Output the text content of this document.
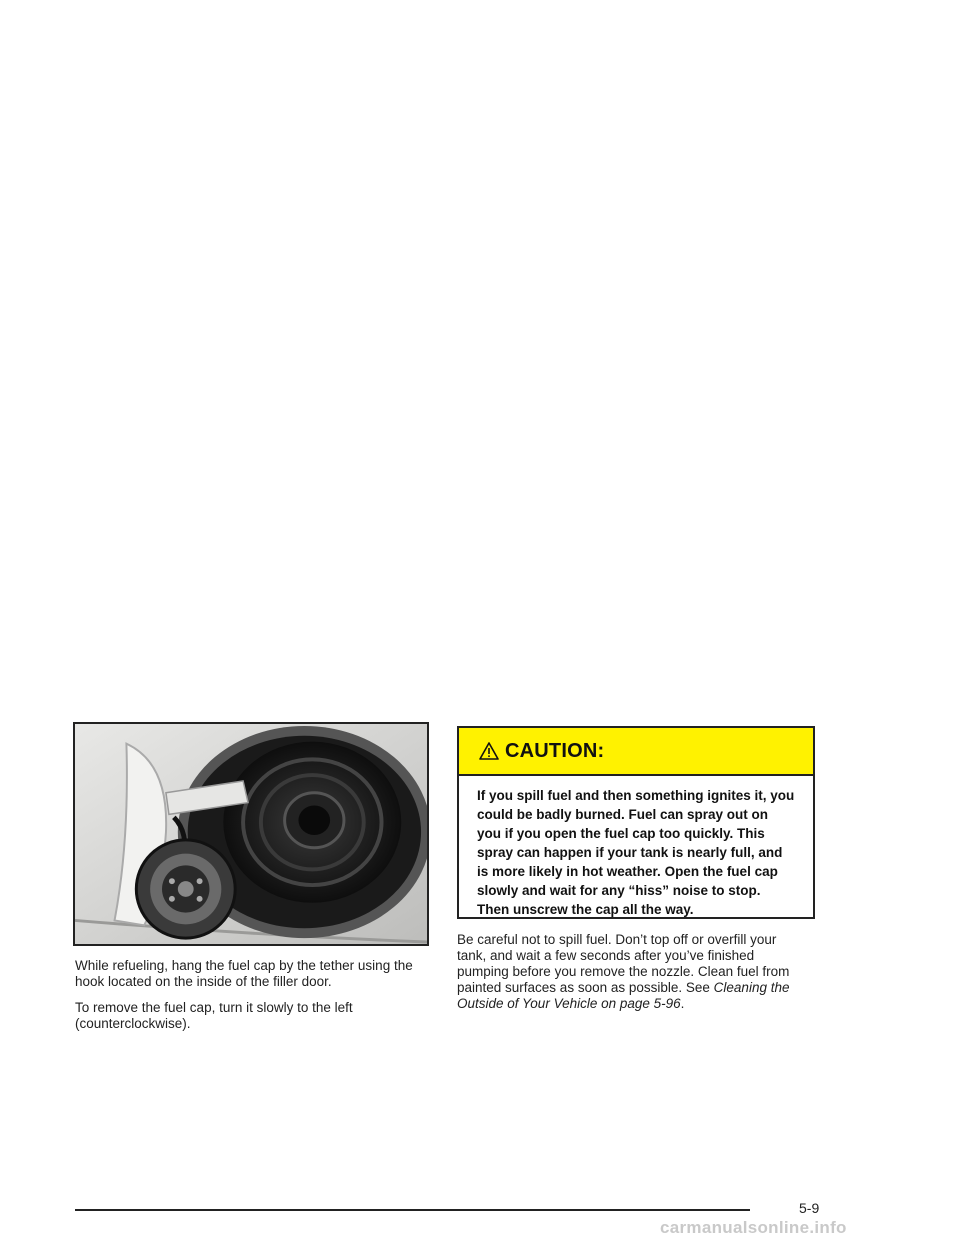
While refueling, hang the fuel cap by the tether using the hook located on the inside of the filler door.

To remove the fuel cap, turn it slowly to the left (counterclockwise).

CAUTION:
If you spill fuel and then something ignites it, you could be badly burned. Fuel can spray out on you if you open the fuel cap too quickly. This spray can happen if your tank is nearly full, and is more likely in hot weather. Open the fuel cap slowly and wait for any “hiss” noise to stop. Then unscrew the cap all the way.

Be careful not to spill fuel. Don’t top off or overfill your tank, and wait a few seconds after you’ve finished pumping before you remove the nozzle. Clean fuel from painted surfaces as soon as possible. See Cleaning the Outside of Your Vehicle on page 5-96.

5-9
carmanualsonline.info
